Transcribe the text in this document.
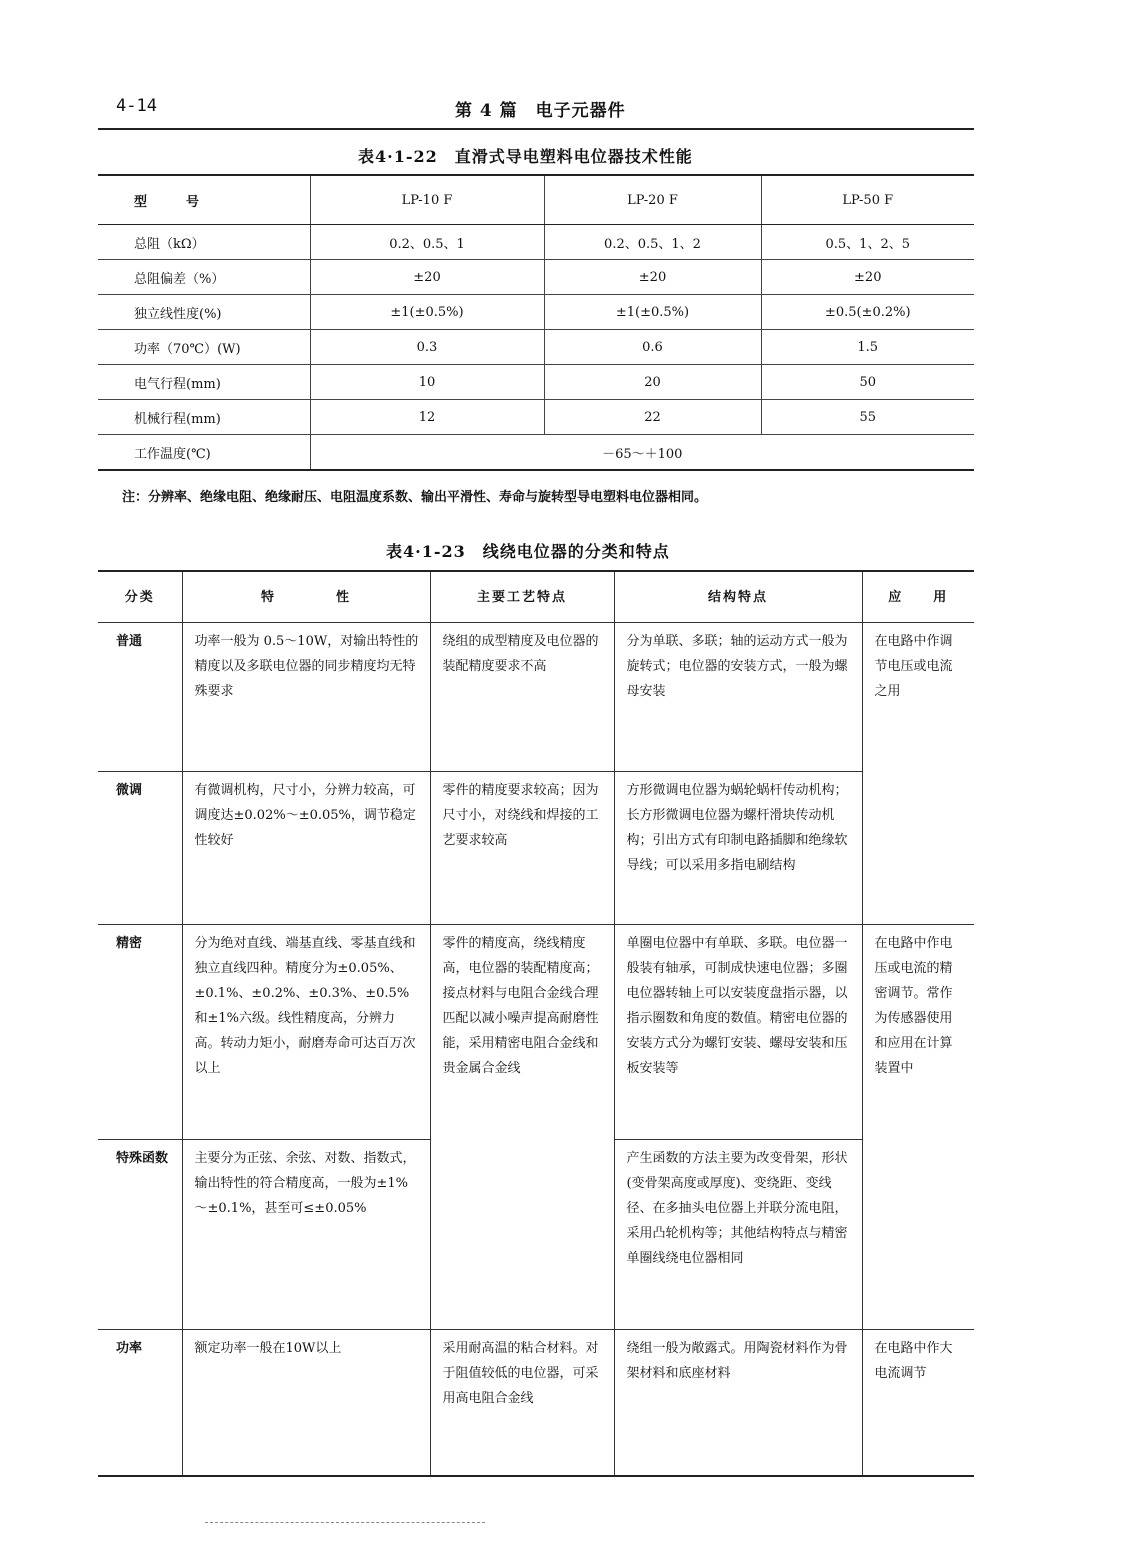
4-14	第 4 篇　电子元器件
表4·1-22　直滑式导电塑料电位器技术性能
型　　　号	LP-10 F	LP-20 F	LP-50 F
总阻（kΩ）	0.2、0.5、1	0.2、0.5、1、2	0.5、1、2、5
总阻偏差（%）	±20	±20	±20
独立线性度(%)	±1(±0.5%)	±1(±0.5%)	±0.5(±0.2%)
功率（70℃）(W)	0.3	0.6	1.5
电气行程(mm)	10	20	50
机械行程(mm)	12	22	55
工作温度(℃)	－65～＋100		
注：分辨率、绝缘电阻、绝缘耐压、电阻温度系数、输出平滑性、寿命与旋转型导电塑料电位器相同。
表4·1-23　线绕电位器的分类和特点
分类	特　　　　性	主要工艺特点	结构特点	应　　用
普通	功率一般为 0.5～10W，对输出特性的精度以及多联电位器的同步精度均无特殊要求	绕组的成型精度及电位器的装配精度要求不高	分为单联、多联；轴的运动方式一般为旋转式；电位器的安装方式，一般为螺母安装	在电路中作调节电压或电流之用
微调	有微调机构，尺寸小，分辨力较高，可调度达±0.02%～±0.05%，调节稳定性较好	零件的精度要求较高；因为尺寸小，对绕线和焊接的工艺要求较高	方形微调电位器为蜗轮蜗杆传动机构；长方形微调电位器为螺杆滑块传动机构；引出方式有印制电路插脚和绝缘软导线；可以采用多指电刷结构	
精密	分为绝对直线、端基直线、零基直线和独立直线四种。精度分为±0.05%、±0.1%、±0.2%、±0.3%、±0.5%和±1%六级。线性精度高，分辨力高。转动力矩小，耐磨寿命可达百万次以上	零件的精度高，绕线精度高，电位器的装配精度高；接点材料与电阻合金线合理匹配以减小噪声提高耐磨性能，采用精密电阻合金线和贵金属合金线	单圈电位器中有单联、多联。电位器一般装有轴承，可制成快速电位器；多圈电位器转轴上可以安装度盘指示器，以指示圈数和角度的数值。精密电位器的安装方式分为螺钉安装、螺母安装和压板安装等	在电路中作电压或电流的精密调节。常作为传感器使用和应用在计算装置中
特殊函数	主要分为正弦、余弦、对数、指数式，输出特性的符合精度高，一般为±1%～±0.1%，甚至可≤±0.05%		产生函数的方法主要为改变骨架，形状(变骨架高度或厚度)、变绕距、变线径、在多抽头电位器上并联分流电阻，采用凸轮机构等；其他结构特点与精密单圈线绕电位器相同	
功率	额定功率一般在10W以上	采用耐高温的粘合材料。对于阻值较低的电位器，可采用高电阻合金线	绕组一般为敞露式。用陶瓷材料作为骨架材料和底座材料	在电路中作大电流调节
